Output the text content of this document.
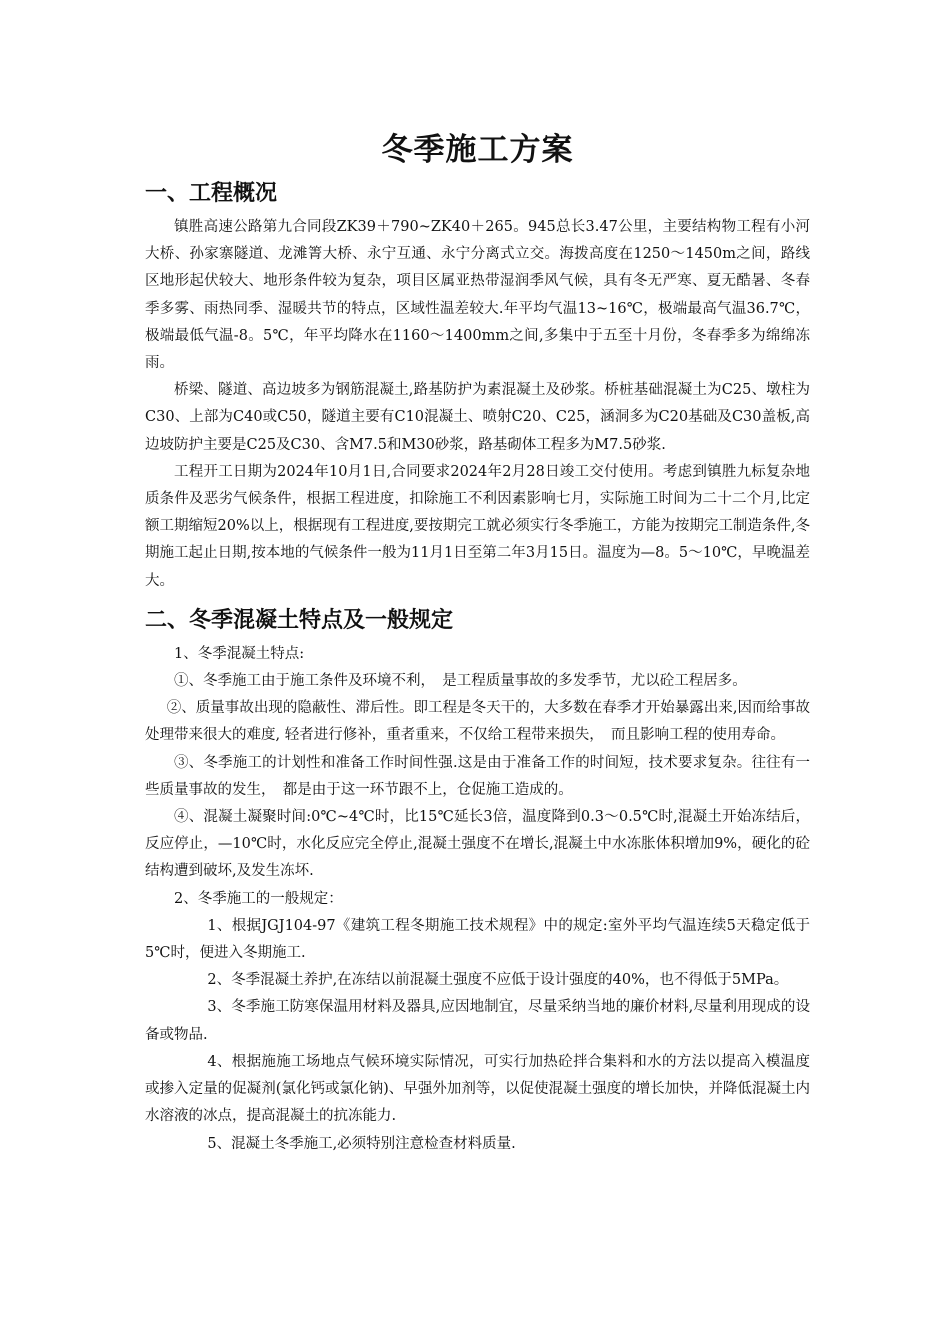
冬季施工方案
一、工程概况

镇胜高速公路第九合同段ZK39＋790~ZK40＋265。945总长3.47公里，主要结构物工程有小河大桥、孙家寨隧道、龙滩箐大桥、永宁互通、永宁分离式立交。海拨高度在1250～1450m之间，路线区地形起伏较大、地形条件较为复杂，项目区属亚热带湿润季风气候，具有冬无严寒、夏无酷暑、冬春季多雾、雨热同季、湿暖共节的特点，区域性温差较大.年平均气温13~16℃，极端最高气温36.7℃，极端最低气温-8。5℃，年平均降水在1160～1400mm之间,多集中于五至十月份，冬春季多为绵绵冻雨。

桥梁、隧道、高边坡多为钢筋混凝土,路基防护为素混凝土及砂浆。桥桩基础混凝土为C25、墩柱为C30、上部为C40或C50，隧道主要有C10混凝土、喷射C20、C25，涵洞多为C20基础及C30盖板,高边坡防护主要是C25及C30、含M7.5和M30砂浆，路基砌体工程多为M7.5砂浆.

工程开工日期为2024年10月1日,合同要求2024年2月28日竣工交付使用。考虑到镇胜九标复杂地质条件及恶劣气候条件，根据工程进度，扣除施工不利因素影响七月，实际施工时间为二十二个月,比定额工期缩短20%以上，根据现有工程进度,要按期完工就必须实行冬季施工，方能为按期完工制造条件,冬期施工起止日期,按本地的气候条件一般为11月1日至第二年3月15日。温度为—8。5～10℃，早晚温差大。

二、冬季混凝土特点及一般规定

1、冬季混凝土特点:

①、冬季施工由于施工条件及环境不利，　是工程质量事故的多发季节，尤以砼工程居多。

②、质量事故出现的隐蔽性、滞后性。即工程是冬天干的，大多数在春季才开始暴露出来,因而给事故处理带来很大的难度, 轻者进行修补，重者重来，不仅给工程带来损失，　而且影响工程的使用寿命。

③、冬季施工的计划性和准备工作时间性强.这是由于准备工作的时间短，技术要求复杂。往往有一些质量事故的发生，　都是由于这一环节跟不上，仓促施工造成的。

④、混凝土凝聚时间:0℃~4℃时，比15℃延长3倍，温度降到0.3～0.5℃时,混凝土开始冻结后，反应停止，—10℃时，水化反应完全停止,混凝土强度不在增长,混凝土中水冻胀体积增加9%，硬化的砼结构遭到破坏,及发生冻坏.

2、冬季施工的一般规定：

1、根据JGJ104-97《建筑工程冬期施工技术规程》中的规定:室外平均气温连续5天稳定低于5℃时，便进入冬期施工.

2、冬季混凝土养护,在冻结以前混凝土强度不应低于设计强度的40%，也不得低于5MPa。

3、冬季施工防寒保温用材料及器具,应因地制宜，尽量采纳当地的廉价材料,尽量利用现成的设备或物品.

4、根据施施工场地点气候环境实际情况，可实行加热砼拌合集料和水的方法以提高入模温度或掺入定量的促凝剂(氯化钙或氯化钠)、早强外加剂等，以促使混凝土强度的增长加快，并降低混凝土内水溶液的冰点，提高混凝土的抗冻能力.

5、混凝土冬季施工,必须特别注意检查材料质量.
